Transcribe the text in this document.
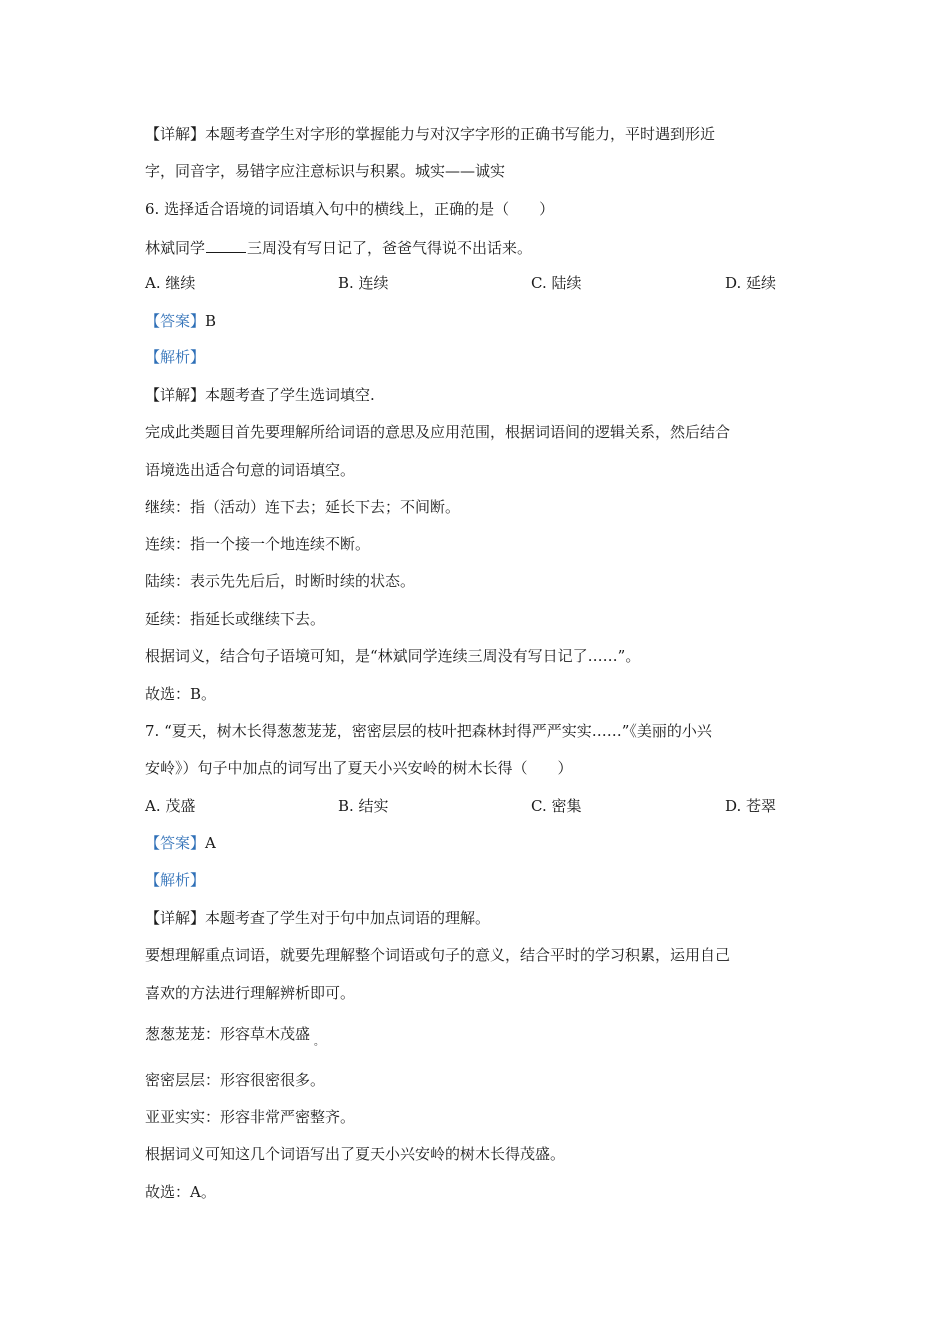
【详解】本题考查学生对字形的掌握能力与对汉字字形的正确书写能力，平时遇到形近
字，同音字，易错字应注意标识与积累。城实——诚实
6. 选择适合语境的词语填入句中的横线上，正确的是（　　）
林斌同学	三周没有写日记了，爸爸气得说不出话来。
A. 继续	B. 连续	C. 陆续	D. 延续
【答案】B
【解析】
【详解】本题考查了学生选词填空.
完成此类题目首先要理解所给词语的意思及应用范围，根据词语间的逻辑关系，然后结合
语境选出适合句意的词语填空。
继续：指（活动）连下去；延长下去；不间断。
连续：指一个接一个地连续不断。
陆续：表示先先后后，时断时续的状态。
延续：指延长或继续下去。
根据词义，结合句子语境可知，是“林斌同学连续三周没有写日记了……”。
故选：B。
7. “夏天，树木长得葱葱茏茏，密密层层的枝叶把森林封得严严实实……”《美丽的小兴
安岭》）句子中加点的词写出了夏天小兴安岭的树木长得（　　）
A. 茂盛	B. 结实	C. 密集	D. 苍翠
【答案】A
【解析】
【详解】本题考查了学生对于句中加点词语的理解。
要想理解重点词语，就要先理解整个词语或句子的意义，结合平时的学习积累，运用自己
喜欢的方法进行理解辨析即可。
葱葱茏茏：形容草木茂盛 $_。$
密密层层：形容很密很多。
亚亚实实：形容非常严密整齐。
根据词义可知这几个词语写出了夏天小兴安岭的树木长得茂盛。
故选：A。
